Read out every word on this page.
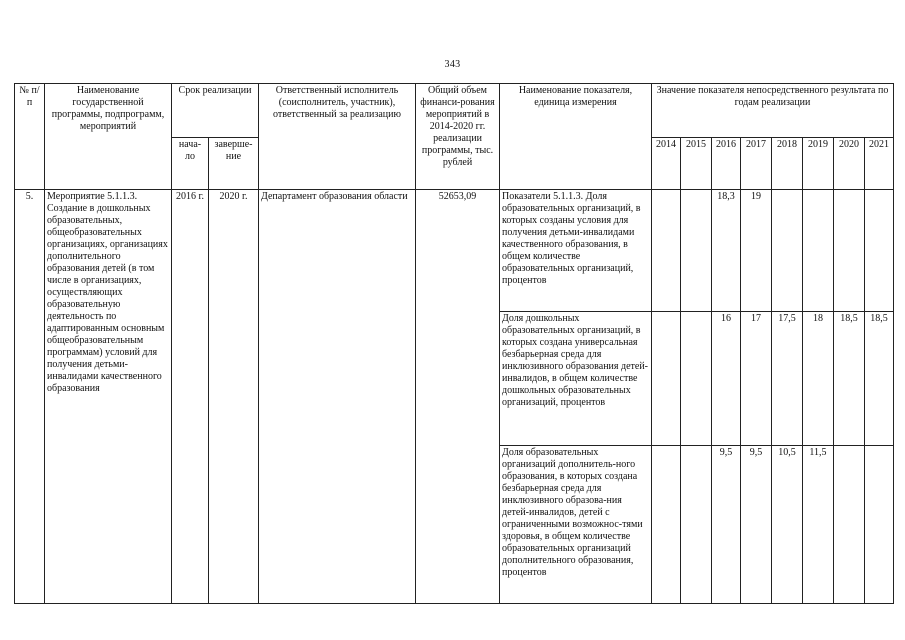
343
№ п/п	Наименование государственной программы, подпрограмм, мероприятий	Срок реализации		Ответственный исполнитель (соисполнитель, участник), ответственный за реализацию	Общий объем финанси-рования мероприятий в 2014-2020 гг. реализации программы, тыс. рублей	Наименование показателя, единица измерения	Значение показателя непосредственного результата по годам реализации							
		нача-ло	заверше-ние				2014	2015	2016	2017	2018	2019	2020	2021
5.	Мероприятие 5.1.1.3. Создание в дошкольных образовательных, общеобразовательных организациях, организациях дополнительного образования детей (в том числе в организациях, осуществляющих образовательную деятельность по адаптированным основным общеобразовательным программам) условий для получения детьми-инвалидами качественного образования	2016 г.	2020 г.	Департамент образования области	52653,09	Показатели 5.1.1.3. Доля образовательных организаций, в которых созданы условия для получения детьми-инвалидами качественного образования, в общем количестве образовательных организаций, процентов			18,3	19				
						Доля дошкольных образовательных организаций, в которых создана универсальная безбарьерная среда для инклюзивного образования детей-инвалидов, в общем количестве дошкольных образовательных организаций, процентов			16	17	17,5	18	18,5	18,5
						Доля образовательных организаций дополнитель-ного образования, в которых создана безбарьерная среда для инклюзивного образова-ния детей-инвалидов, детей с ограниченными возможнос-тями здоровья, в общем количестве образовательных организаций дополнительного образования, процентов			9,5	9,5	10,5	11,5		
